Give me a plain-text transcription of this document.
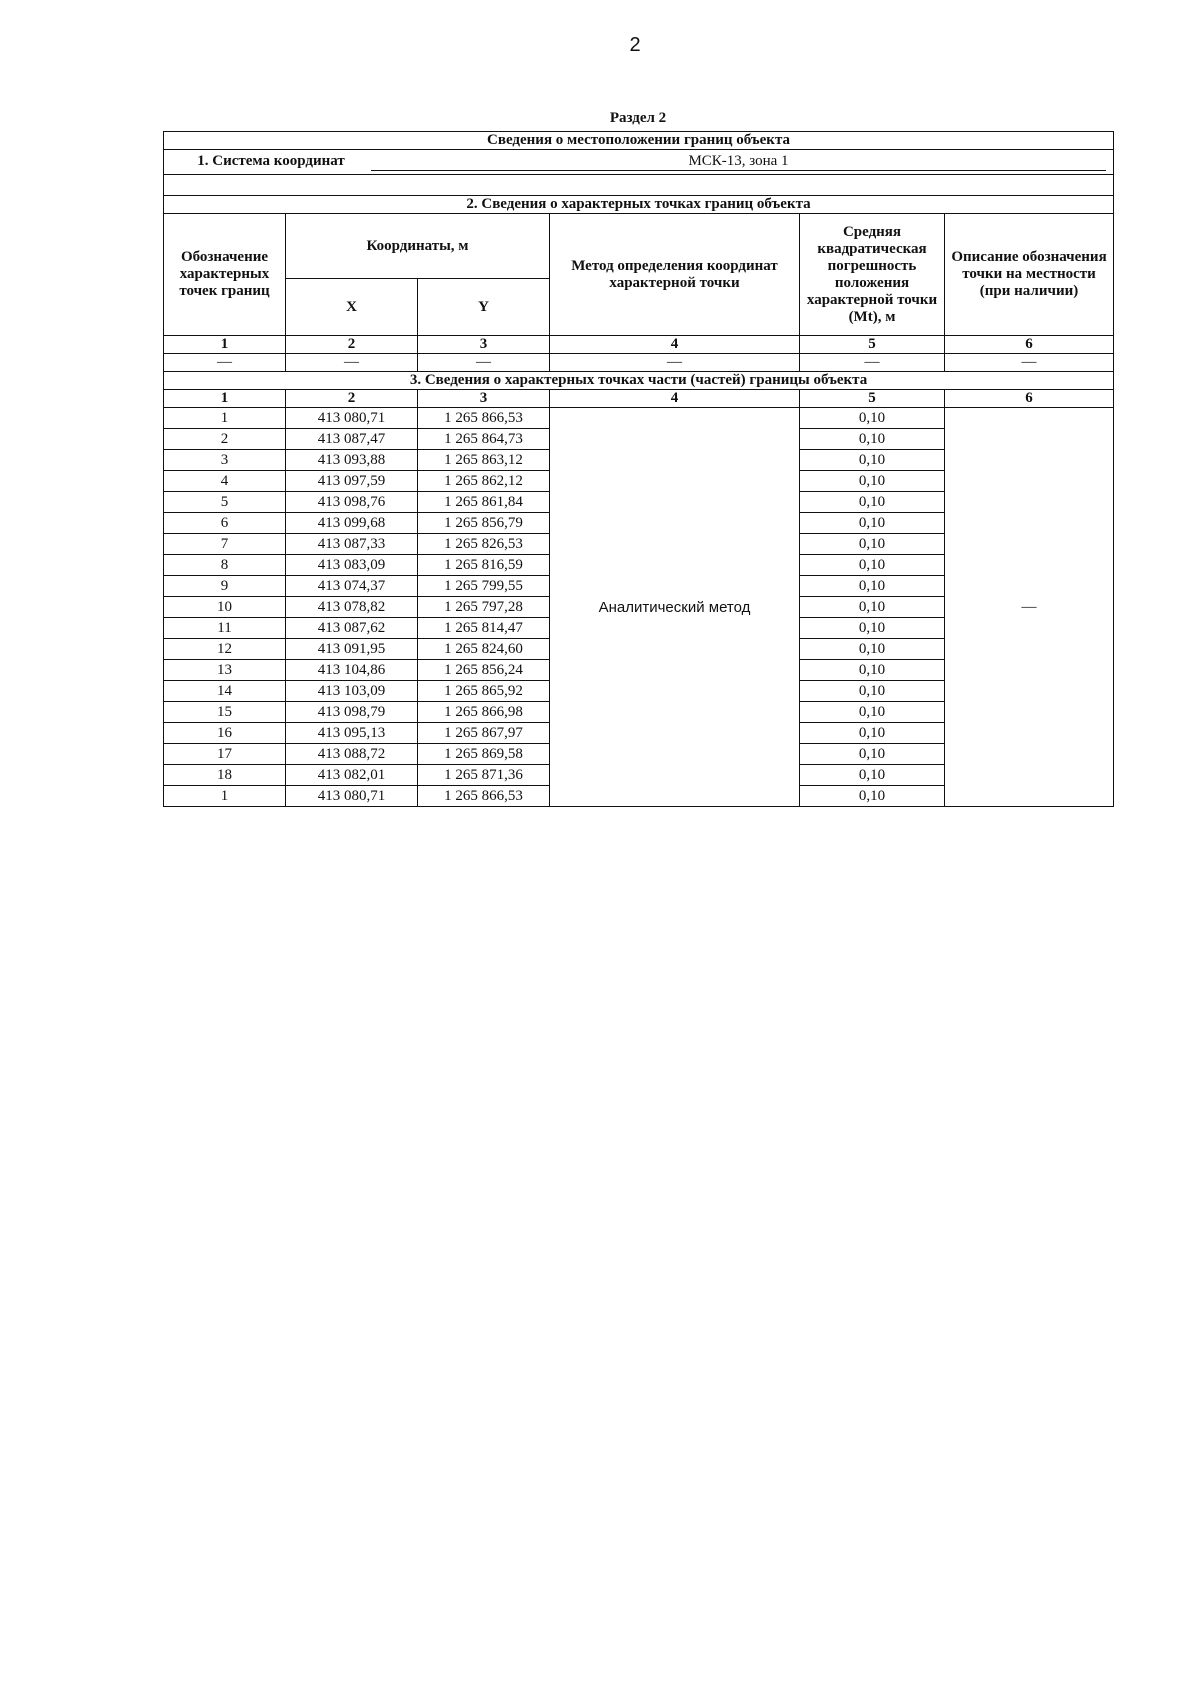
2
Раздел 2
Сведения о местоположении границ объекта					
1. Система координат МСК-13, зона 1					

2. Сведения о характерных точках границ объекта					
Обозначение характерных точек границ	Координаты, м		Метод определения координат характерной точки	Средняя квадратическая погрешность положения характерной точки (Mt), м	Описание обозначения точки на местности (при наличии)
	X	Y			
1	2	3	4	5	6
—	—	—	—	—	—
3. Сведения о характерных точках части (частей) границы объекта					
1	2	3	4	5	6
1	413 080,71	1 265 866,53	Аналитический метод	0,10	—
2	413 087,47	1 265 864,73		0,10	
3	413 093,88	1 265 863,12		0,10	
4	413 097,59	1 265 862,12		0,10	
5	413 098,76	1 265 861,84		0,10	
6	413 099,68	1 265 856,79		0,10	
7	413 087,33	1 265 826,53		0,10	
8	413 083,09	1 265 816,59		0,10	
9	413 074,37	1 265 799,55		0,10	
10	413 078,82	1 265 797,28		0,10	
11	413 087,62	1 265 814,47		0,10	
12	413 091,95	1 265 824,60		0,10	
13	413 104,86	1 265 856,24		0,10	
14	413 103,09	1 265 865,92		0,10	
15	413 098,79	1 265 866,98		0,10	
16	413 095,13	1 265 867,97		0,10	
17	413 088,72	1 265 869,58		0,10	
18	413 082,01	1 265 871,36		0,10	
1	413 080,71	1 265 866,53		0,10	
